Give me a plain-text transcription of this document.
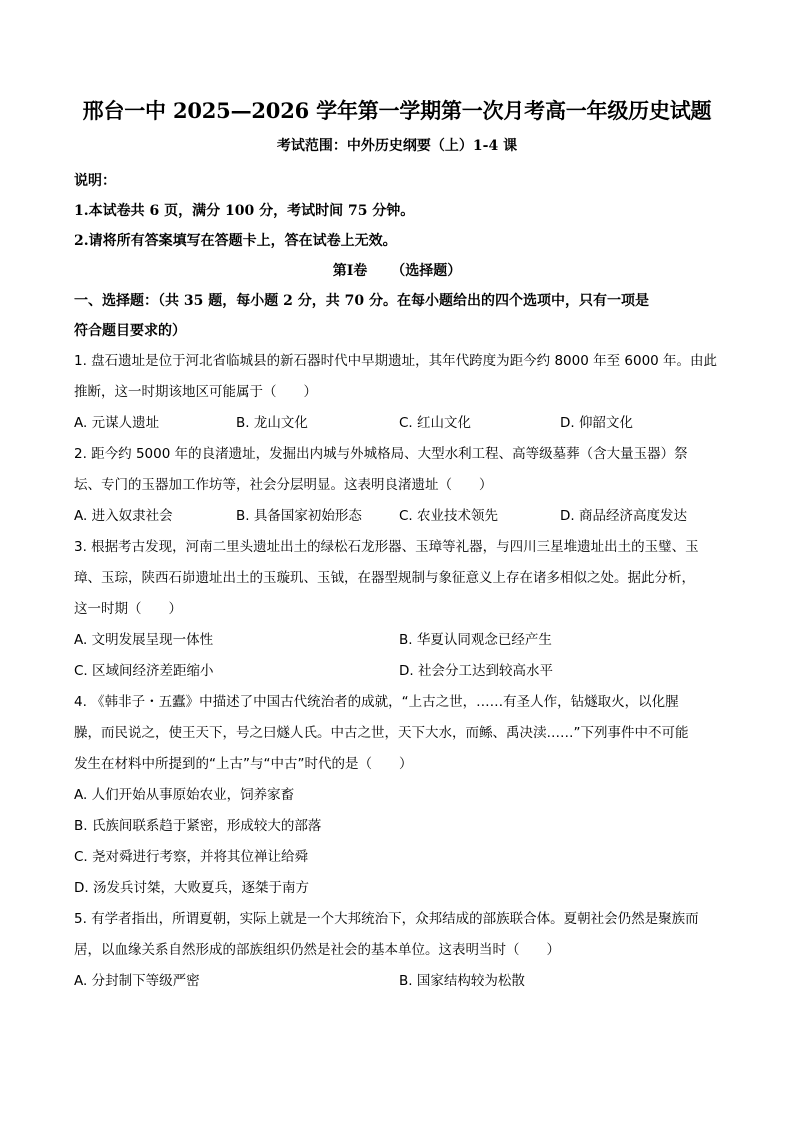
邢台一中 2025—2026 学年第一学期第一次月考高一年级历史试题
考试范围：中外历史纲要（上）1-4 课
说明：
1.本试卷共 6 页，满分 100 分，考试时间 75 分钟。
2.请将所有答案填写在答题卡上，答在试卷上无效。
第Ⅰ卷 （选择题）
一、选择题：（共 35 题，每小题 2 分，共 70 分。在每小题给出的四个选项中，只有一项是
符合题目要求的）
1. 盘石遗址是位于河北省临城县的新石器时代中早期遗址，其年代跨度为距今约 8000 年至 6000 年。由此
推断，这一时期该地区可能属于（　　）
A. 元谋人遗址	B. 龙山文化	C. 红山文化	D. 仰韶文化
2. 距今约 5000 年的良渚遗址，发掘出内城与外城格局、大型水利工程、高等级墓葬（含大量玉器）祭
坛、专门的玉器加工作坊等，社会分层明显。这表明良渚遗址（　　）
A. 进入奴隶社会	B. 具备国家初始形态	C. 农业技术领先	D. 商品经济高度发达
3. 根据考古发现，河南二里头遗址出土的绿松石龙形器、玉璋等礼器，与四川三星堆遗址出土的玉璧、玉
璋、玉琮，陕西石峁遗址出土的玉璇玑、玉钺，在器型规制与象征意义上存在诸多相似之处。据此分析，
这一时期（　　）
A. 文明发展呈现一体性	B. 华夏认同观念已经产生
C. 区域间经济差距缩小	D. 社会分工达到较高水平
4. 《韩非子・五蠹》中描述了中国古代统治者的成就，“上古之世，……有圣人作，钻燧取火，以化腥
臊，而民说之，使王天下，号之曰燧人氏。中古之世，天下大水，而鲧、禹决渎……”下列事件中不可能
发生在材料中所提到的“上古”与“中古”时代的是（　　）
A. 人们开始从事原始农业，饲养家畜
B. 氏族间联系趋于紧密，形成较大的部落
C. 尧对舜进行考察，并将其位禅让给舜
D. 汤发兵讨桀，大败夏兵，逐桀于南方
5. 有学者指出，所谓夏朝，实际上就是一个大邦统治下，众邦结成的部族联合体。夏朝社会仍然是聚族而
居，以血缘关系自然形成的部族组织仍然是社会的基本单位。这表明当时（　　）
A. 分封制下等级严密	B. 国家结构较为松散
